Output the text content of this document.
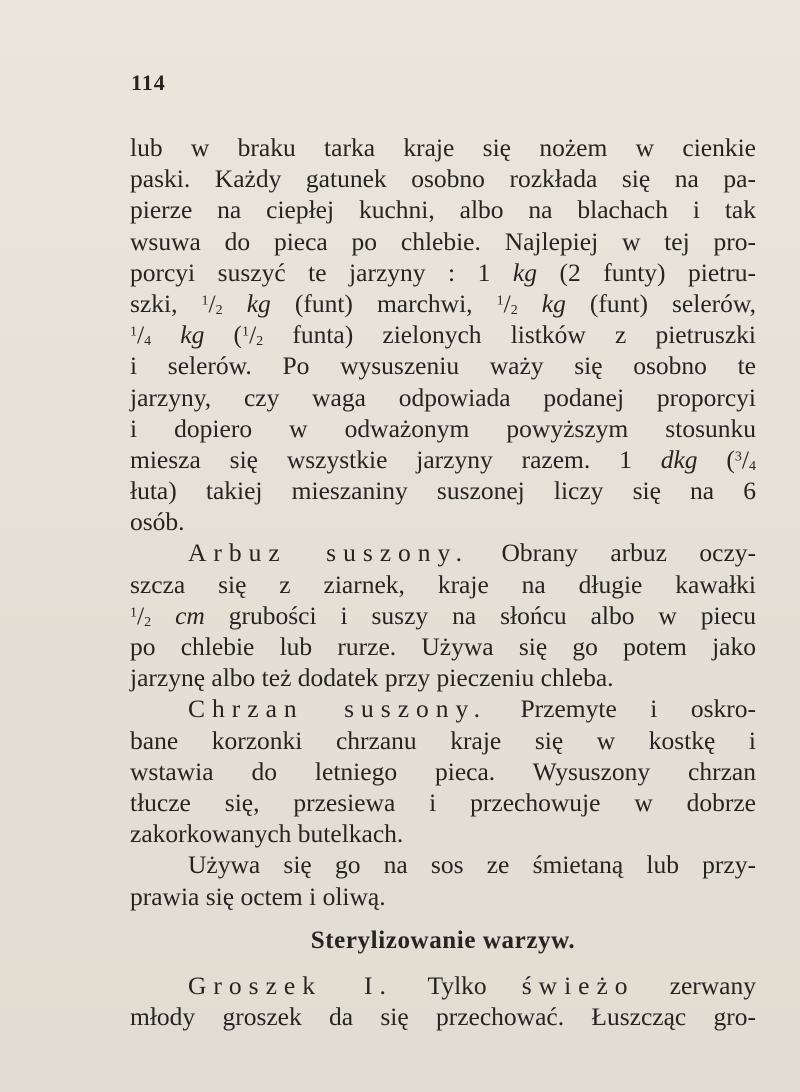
114
lub w braku tarka kraje się nożem w cienkie
paski. Każdy gatunek osobno rozkłada się na pa-
pierze na ciepłej kuchni, albo na blachach i tak
wsuwa do pieca po chlebie. Najlepiej w tej pro-
porcyi suszyć te jarzyny : 1 kg (2 funty) pietru-
szki, $^1/_2$ kg (funt) marchwi, $^1/_2$ kg (funt) selerów,
$^1/_4$ kg ($^1/_2$ funta) zielonych listków z pietruszki
i selerów. Po wysuszeniu waży się osobno te
jarzyny, czy waga odpowiada podanej proporcyi
i dopiero w odważonym powyższym stosunku
miesza się wszystkie jarzyny razem. 1 dkg ($^3/_4$
łuta) takiej mieszaniny suszonej liczy się na 6
osób.
Arbuz suszony. Obrany arbuz oczy-
szcza się z ziarnek, kraje na długie kawałki
$^1/_2$ cm grubości i suszy na słońcu albo w piecu
po chlebie lub rurze. Używa się go potem jako
jarzynę albo też dodatek przy pieczeniu chleba.
Chrzan suszony. Przemyte i oskro-
bane korzonki chrzanu kraje się w kostkę i
wstawia do letniego pieca. Wysuszony chrzan
tłucze się, przesiewa i przechowuje w dobrze
zakorkowanych butelkach.
Używa się go na sos ze śmietaną lub przy-
prawia się octem i oliwą.
Sterylizowanie warzyw.
Groszek I. Tylko świeżo zerwany
młody groszek da się przechować. Łuszcząc gro-
